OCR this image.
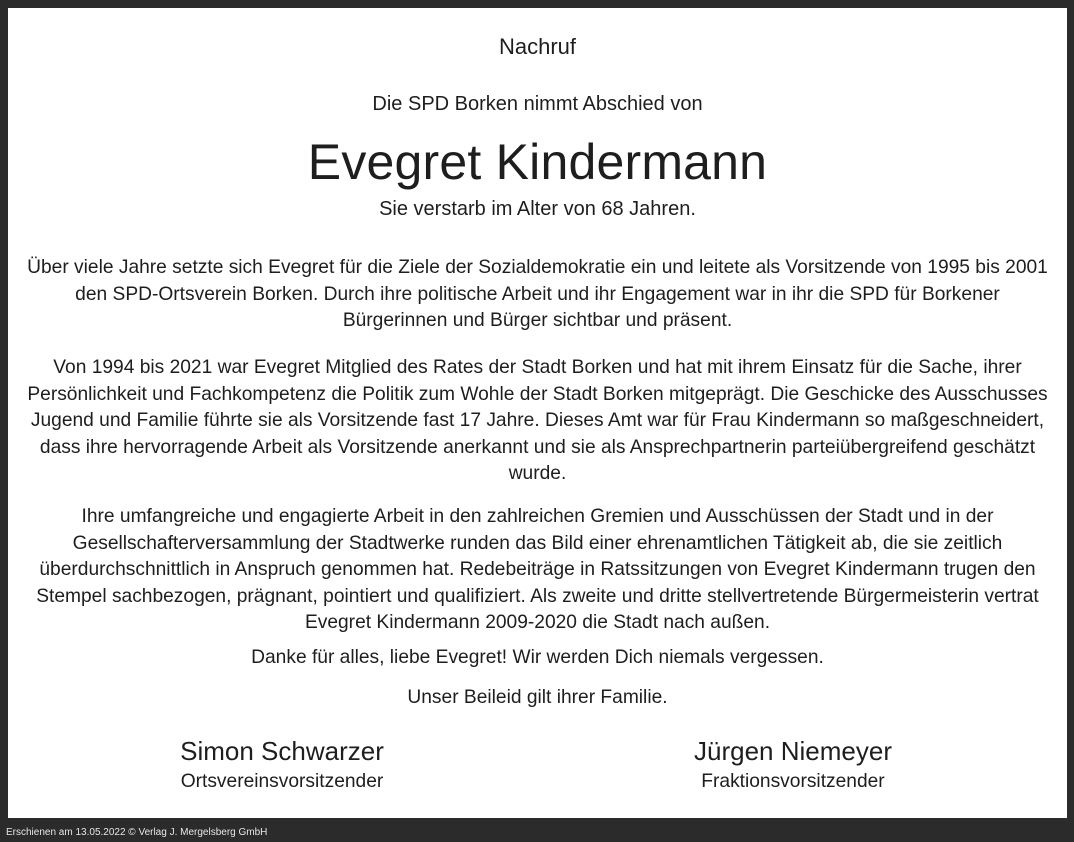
Nachruf

Die SPD Borken nimmt Abschied von

Evegret Kindermann

Sie verstarb im Alter von 68 Jahren.

Über viele Jahre setzte sich Evegret für die Ziele der Sozialdemokratie ein und leitete als Vorsitzende von 1995 bis 2001 den SPD-Ortsverein Borken. Durch ihre politische Arbeit und ihr Engagement war in ihr die SPD für Borkener Bürgerinnen und Bürger sichtbar und präsent.

Von 1994 bis 2021 war Evegret Mitglied des Rates der Stadt Borken und hat mit ihrem Einsatz für die Sache, ihrer Persönlichkeit und Fachkompetenz die Politik zum Wohle der Stadt Borken mitgeprägt. Die Geschicke des Ausschusses Jugend und Familie führte sie als Vorsitzende fast 17 Jahre. Dieses Amt war für Frau Kindermann so maßgeschneidert, dass ihre hervorragende Arbeit als Vorsitzende anerkannt und sie als Ansprechpartnerin parteiübergreifend geschätzt wurde.

Ihre umfangreiche und engagierte Arbeit in den zahlreichen Gremien und Ausschüssen der Stadt und in der Gesellschafterversammlung der Stadtwerke runden das Bild einer ehrenamtlichen Tätigkeit ab, die sie zeitlich überdurchschnittlich in Anspruch genommen hat. Redebeiträge in Ratssitzungen von Evegret Kindermann trugen den Stempel sachbezogen, prägnant, pointiert und qualifiziert. Als zweite und dritte stellvertretende Bürgermeisterin vertrat Evegret Kindermann 2009-2020 die Stadt nach außen.

Danke für alles, liebe Evegret! Wir werden Dich niemals vergessen.

Unser Beileid gilt ihrer Familie.

Simon Schwarzer
Ortsvereinsvorsitzender
Jürgen Niemeyer
Fraktionsvorsitzender
Erschienen am 13.05.2022 © Verlag J. Mergelsberg GmbH
